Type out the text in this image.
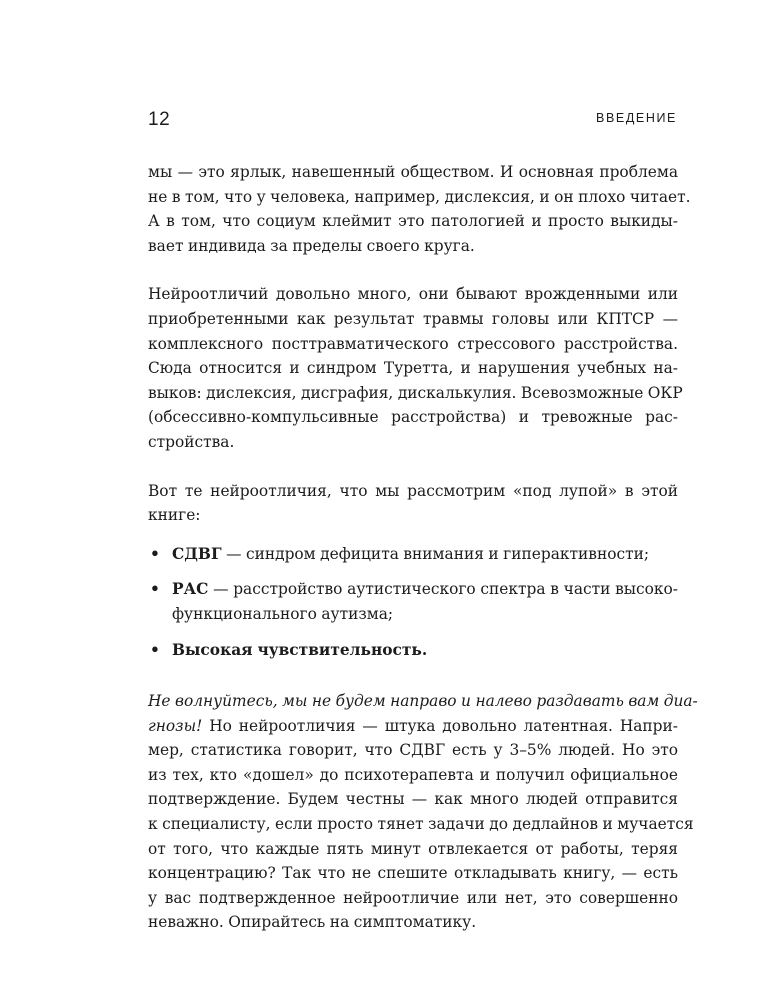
12	ВВЕДЕНИЕ

мы — это ярлык, навешенный обществом. И основная проблема
не в том, что у человека, например, дислексия, и он плохо читает.
А в том, что социум клеймит это патологией и просто выкиды-
вает индивида за пределы своего круга.

Нейроотличий довольно много, они бывают врожденными или
приобретенными как результат травмы головы или КПТСР —
комплексного посттравматического стрессового расстройства.
Сюда относится и синдром Туретта, и нарушения учебных на-
выков: дислексия, дисграфия, дискалькулия. Всевозможные ОКР
(обсессивно-компульсивные расстройства) и тревожные рас-
стройства.

Вот те нейроотличия, что мы рассмотрим «под лупой» в этой
книге:

• СДВГ — синдром дефицита внимания и гиперактивности;
• РАС — расстройство аутистического спектра в части высоко-
функционального аутизма;
• Высокая чувствительность.

Не волнуйтесь, мы не будем направо и налево раздавать вам диа-
гнозы! Но нейроотличия — штука довольно латентная. Напри-
мер, статистика говорит, что СДВГ есть у 3–5% людей. Но это
из тех, кто «дошел» до психотерапевта и получил официальное
подтверждение. Будем честны — как много людей отправится
к специалисту, если просто тянет задачи до дедлайнов и мучается
от того, что каждые пять минут отвлекается от работы, теряя
концентрацию? Так что не спешите откладывать книгу, — есть
у вас подтвержденное нейроотличие или нет, это совершенно
неважно. Опирайтесь на симптоматику.
